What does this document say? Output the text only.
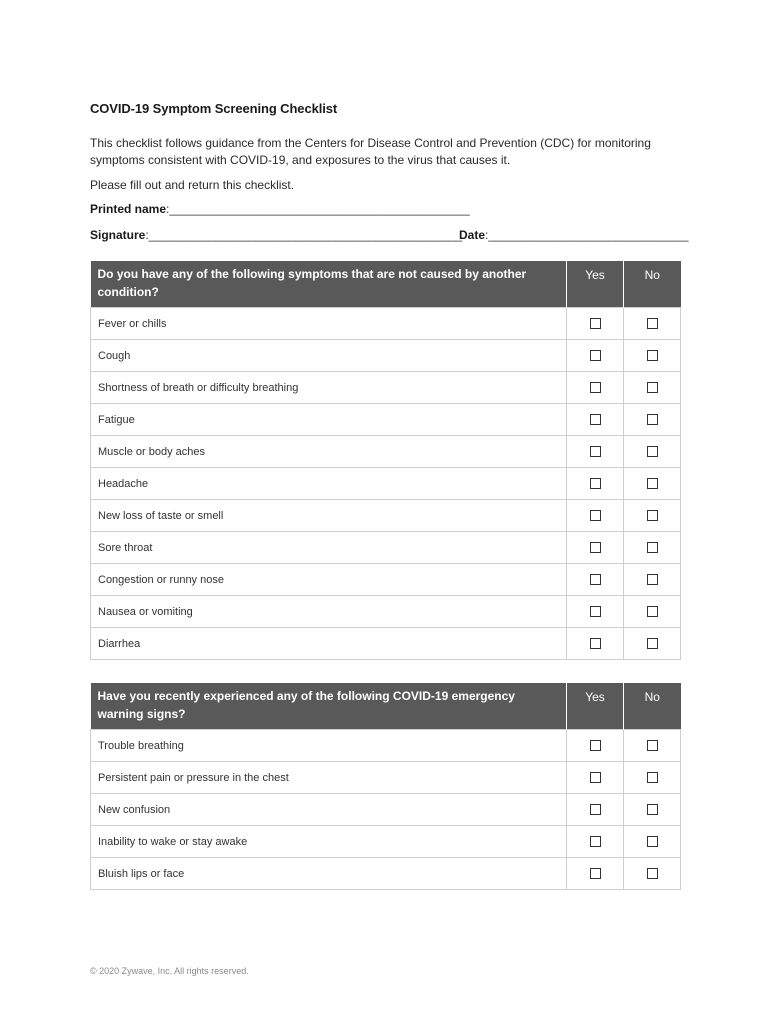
COVID-19 Symptom Screening Checklist
This checklist follows guidance from the Centers for Disease Control and Prevention (CDC) for monitoring
symptoms consistent with COVID-19, and exposures to the virus that causes it.
Please fill out and return this checklist.
Printed name:_____________________________________________
Signature:_______________________________________________
Date:______________________________
Do you have any of the following symptoms that are not caused by another condition?	Yes	No
Fever or chills		
Cough		
Shortness of breath or difficulty breathing		
Fatigue		
Muscle or body aches		
Headache		
New loss of taste or smell		
Sore throat		
Congestion or runny nose		
Nausea or vomiting		
Diarrhea		
Have you recently experienced any of the following COVID-19 emergency warning signs?	Yes	No
Trouble breathing		
Persistent pain or pressure in the chest		
New confusion		
Inability to wake or stay awake		
Bluish lips or face		
© 2020 Zywave, Inc. All rights reserved.
